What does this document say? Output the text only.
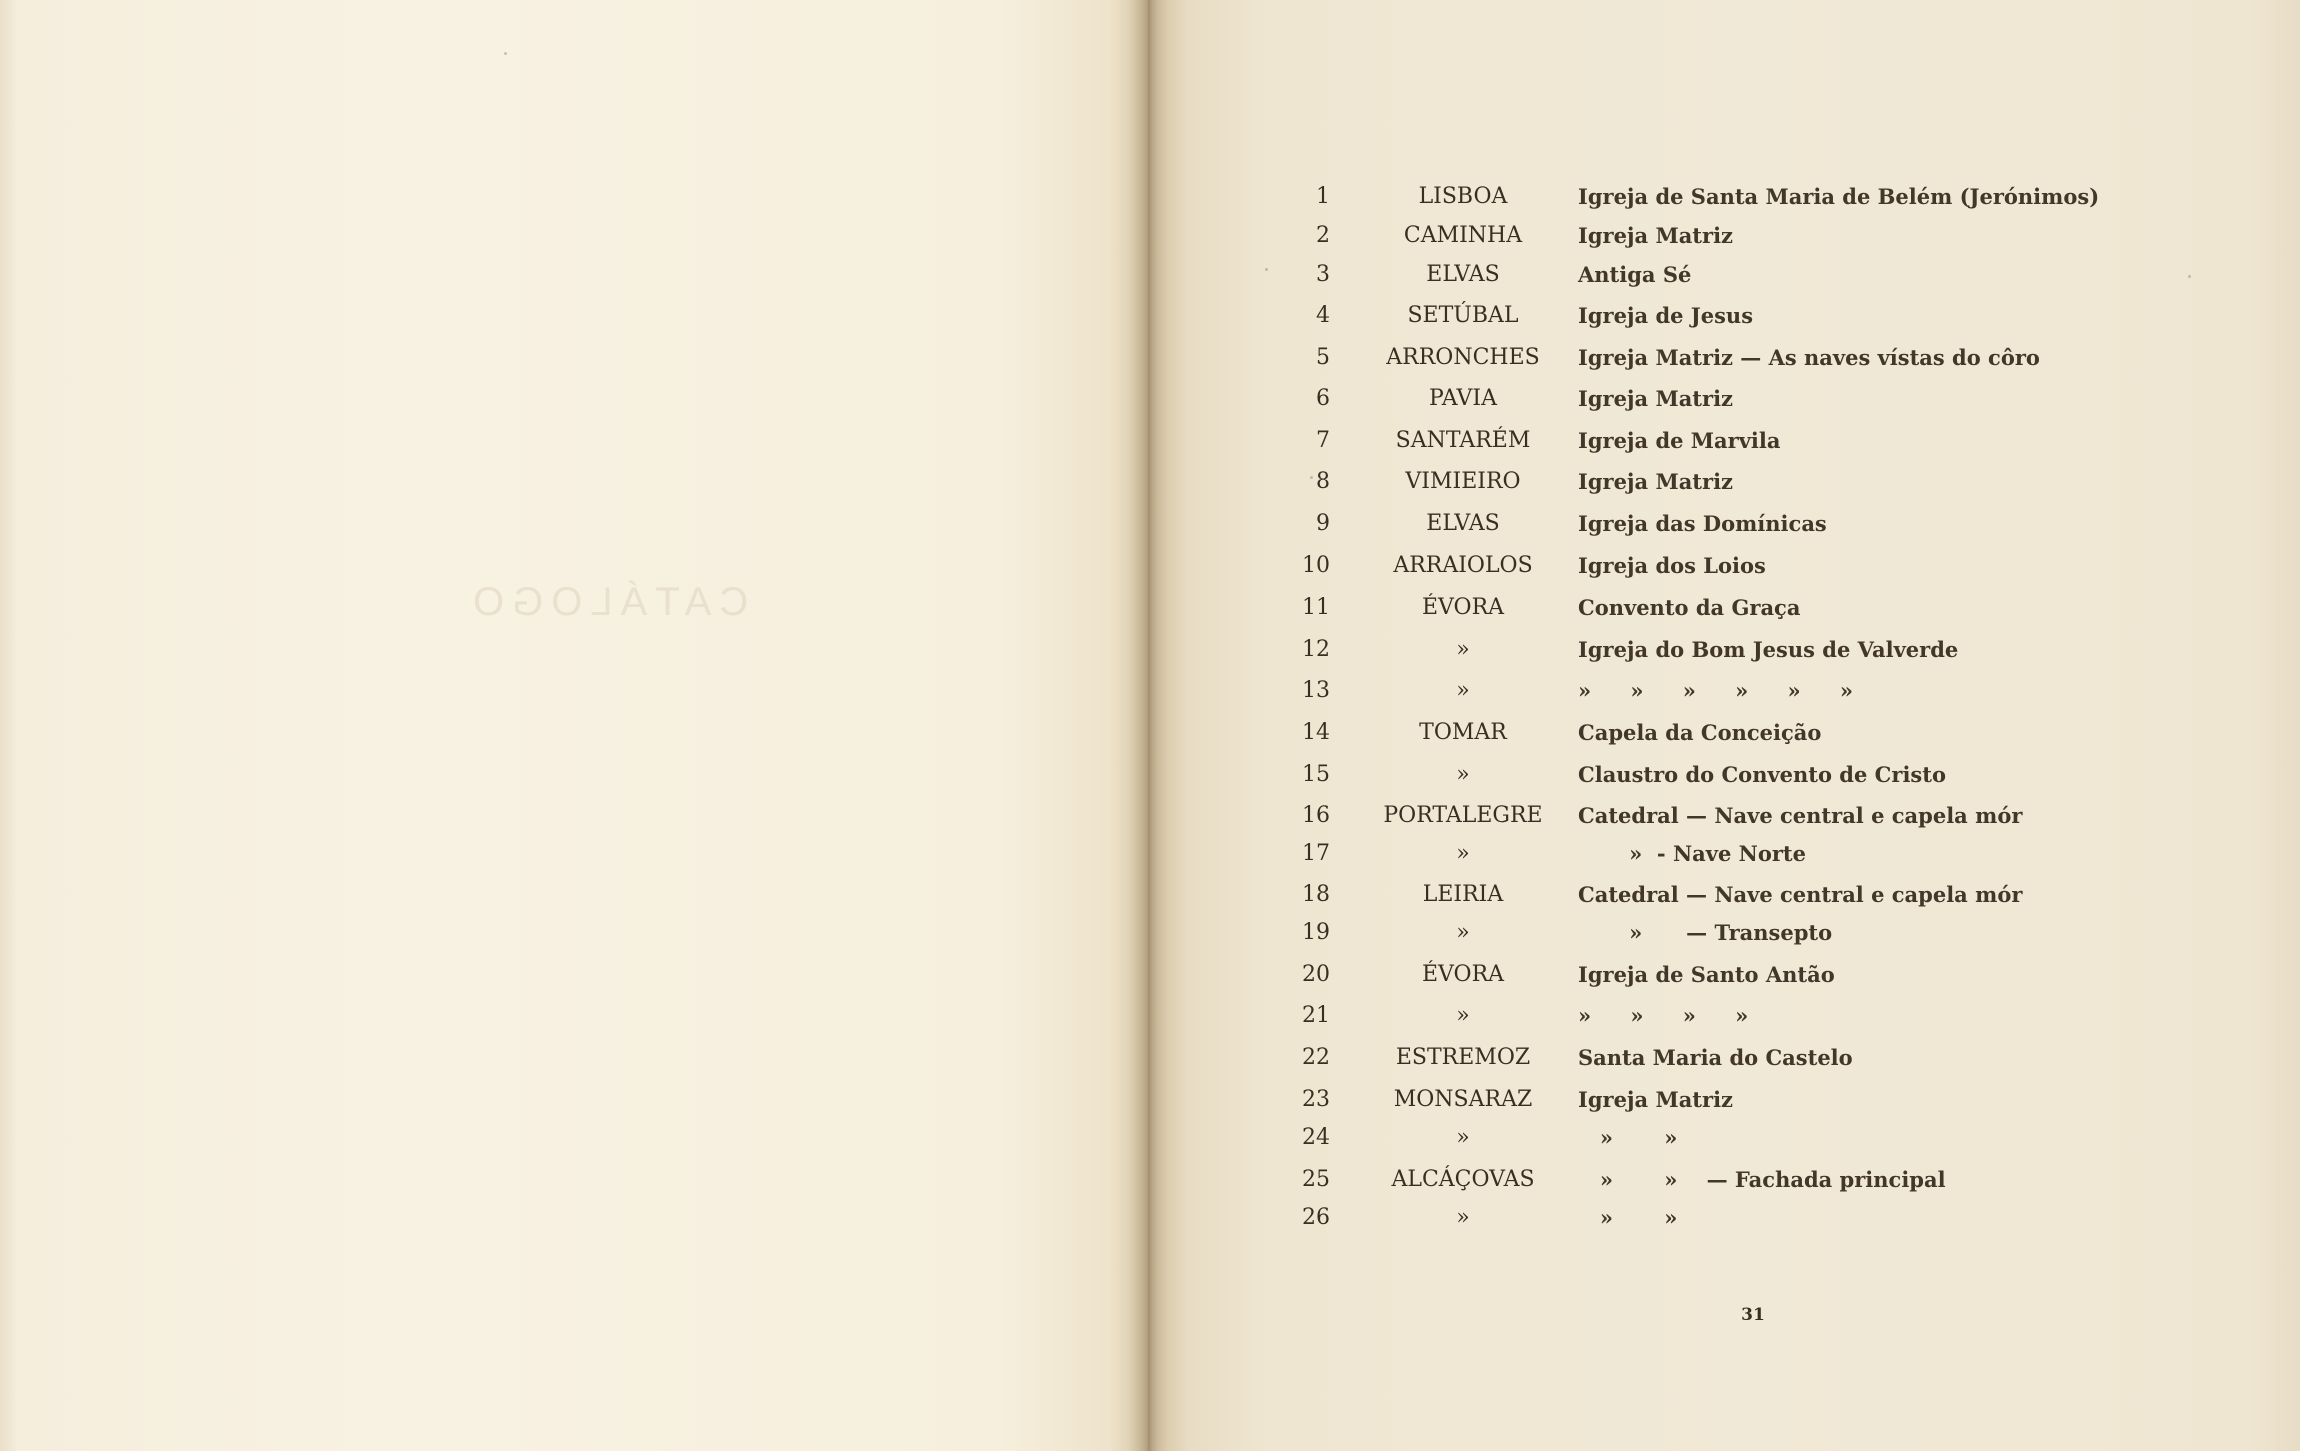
CATÁLOGO
1	LISBOA	Igreja de Santa Maria de Belém (Jerónimos)
2	CAMINHA	Igreja Matriz
3	ELVAS	Antiga Sé
4	SETÚBAL	Igreja de Jesus
5	ARRONCHES	Igreja Matriz — As naves vístas do côro
6	PAVIA	Igreja Matriz
7	SANTARÉM	Igreja de Marvila
8	VIMIEIRO	Igreja Matriz
9	ELVAS	Igreja das Domínicas
10	ARRAIOLOS	Igreja dos Loios
11	ÉVORA	Convento da Graça
12	»	Igreja do Bom Jesus de Valverde
13	»	»    »    »    »    »    »
14	TOMAR	Capela da Conceição
15	»	Claustro do Convento de Cristo
16	PORTALEGRE	Catedral — Nave central e capela mór
17	»	»  - Nave Norte
18	LEIRIA	Catedral — Nave central e capela mór
19	»	»      — Transepto
20	ÉVORA	Igreja de Santo Antão
21	»	»    »    »    »
22	ESTREMOZ	Santa Maria do Castelo
23	MONSARAZ	Igreja Matriz
24	»	»       »
25	ALCÁÇOVAS	»       »    — Fachada principal
26	»	»       »
31
